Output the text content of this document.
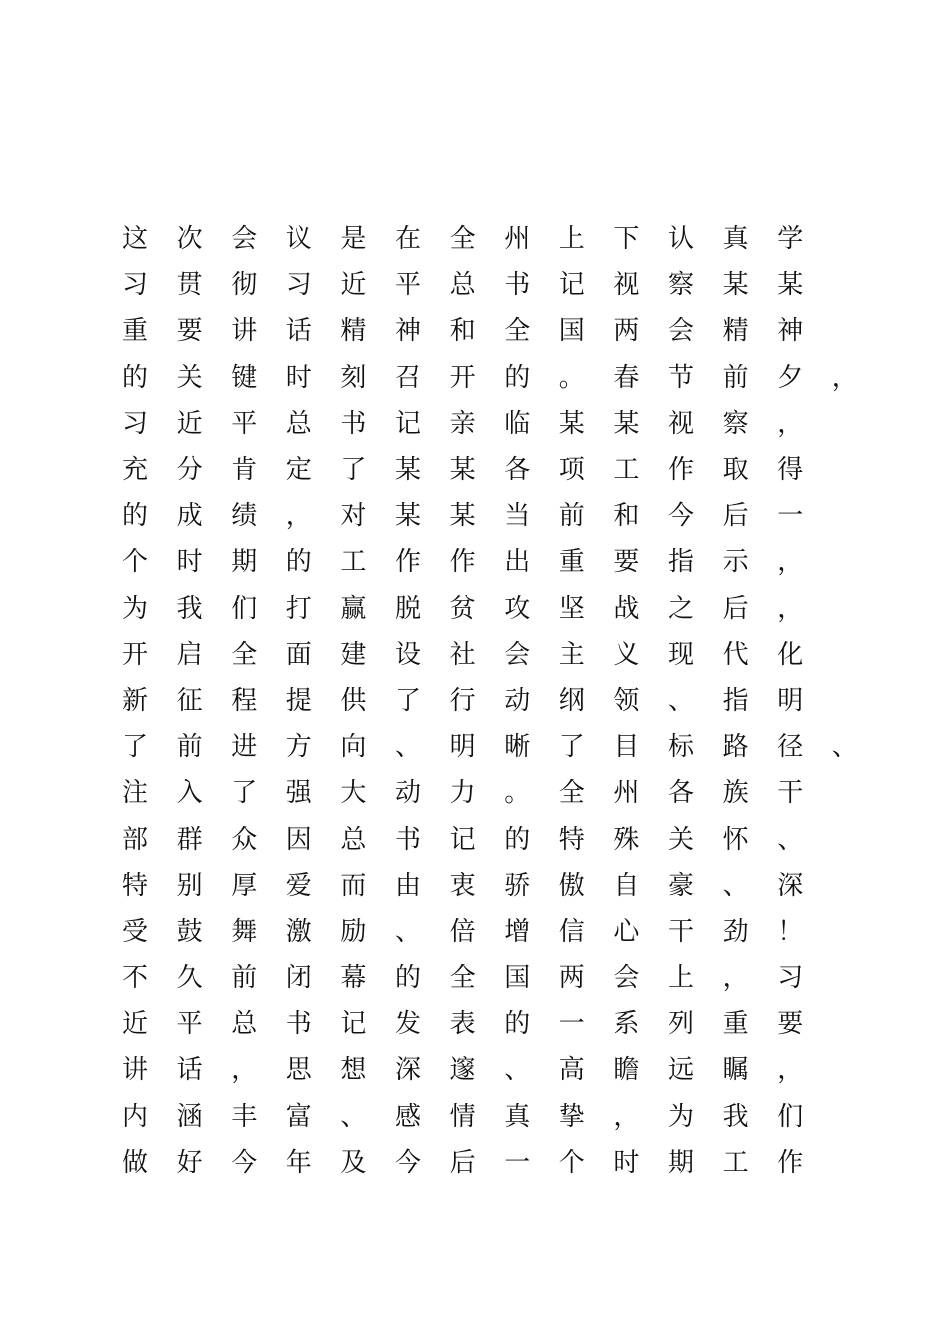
这次会议是在全州上下认真学
习贯彻习近平总书记视察某某
重要讲话精神和全国两会精神
的关键时刻召开的。春节前夕，
习近平总书记亲临某某视察，
充分肯定了某某各项工作取得
的成绩，对某某当前和今后一
个时期的工作作出重要指示，
为我们打赢脱贫攻坚战之后，
开启全面建设社会主义现代化
新征程提供了行动纲领、指明
了前进方向、明晰了目标路径、
注入了强大动力。全州各族干
部群众因总书记的特殊关怀、
特别厚爱而由衷骄傲自豪、深
受鼓舞激励、倍增信心干劲！
不久前闭幕的全国两会上，习
近平总书记发表的一系列重要
讲话，思想深邃、高瞻远瞩，
内涵丰富、感情真挚，为我们
做好今年及今后一个时期工作
